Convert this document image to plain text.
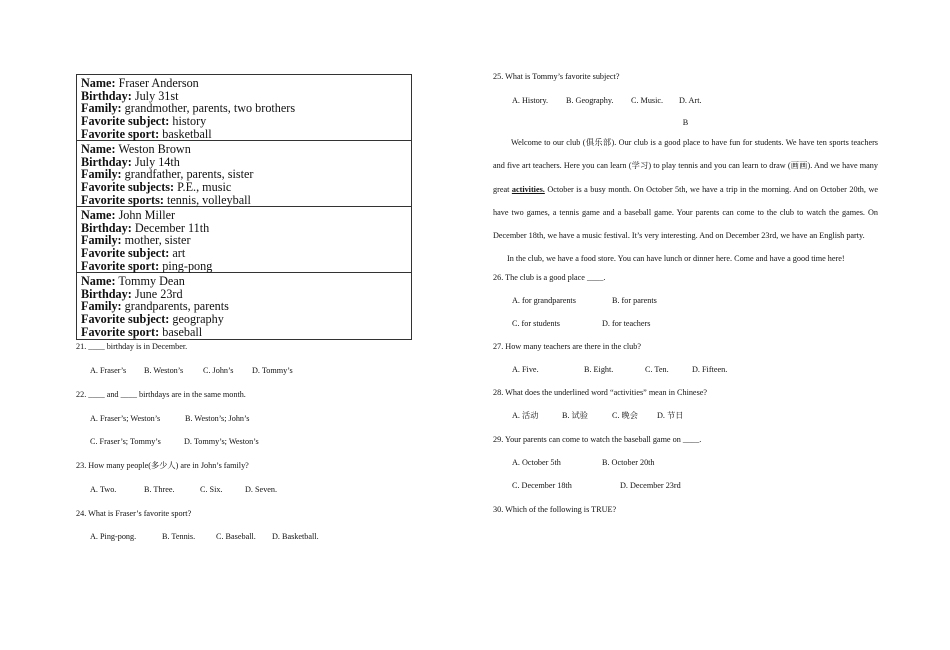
Name: Fraser Anderson
Birthday: July 31st
Family: grandmother, parents, two brothers
Favorite subject: history
Favorite sport: basketball
Name: Weston Brown
Birthday: July 14th
Family: grandfather, parents, sister
Favorite subjects: P.E., music
Favorite sports: tennis, volleyball
Name: John Miller
Birthday: December 11th
Family: mother, sister
Favorite subject: art
Favorite sport: ping-pong
Name: Tommy Dean
Birthday: June 23rd
Family: grandparents, parents
Favorite subject: geography
Favorite sport: baseball
21. ____ birthday is in December.
A. Fraser’s B. Weston’s C. John’s D. Tommy’s
22. ____ and ____ birthdays are in the same month.
A. Fraser’s; Weston’s	B. Weston’s; John’s
C. Fraser’s; Tommy’s	D. Tommy’s; Weston’s
23. How many people(多少人) are in John’s family?
A. Two.	B. Three.	C. Six.	D. Seven.
24. What is Fraser’s favorite sport?
A. Ping-pong.	B. Tennis.	C. Baseball. D. Basketball.
25. What is Tommy’s favorite subject?
A. History. B. Geography. C. Music. D. Art.
B
Welcome to our club (俱乐部). Our club is a good place to have fun for students. We have ten sports teachers and five art teachers. Here you can learn (学习) to play tennis and you can learn to draw (画画). And we have many great activities. October is a busy month. On October 5th, we have a trip in the morning. And on October 20th, we have two games, a tennis game and a baseball game. Your parents can come to the club to watch the games. On December 18th, we have a music festival. It’s very interesting. And on December 23rd, we have an English party.
In the club, we have a food store. You can have lunch or dinner here. Come and have a good time here!
26. The club is a good place ____.
A. for grandparents	B. for parents
C. for students	D. for teachers
27. How many teachers are there in the club?
A. Five.	B. Eight.	C. Ten.	D. Fifteen.
28. What does the underlined word “activities” mean in Chinese?
A. 活动	B. 试验	C. 晚会 D. 节日
29. Your parents can come to watch the baseball game on ____.
A. October 5th	B. October 20th
C. December 18th	D. December 23rd
30. Which of the following is TRUE?
